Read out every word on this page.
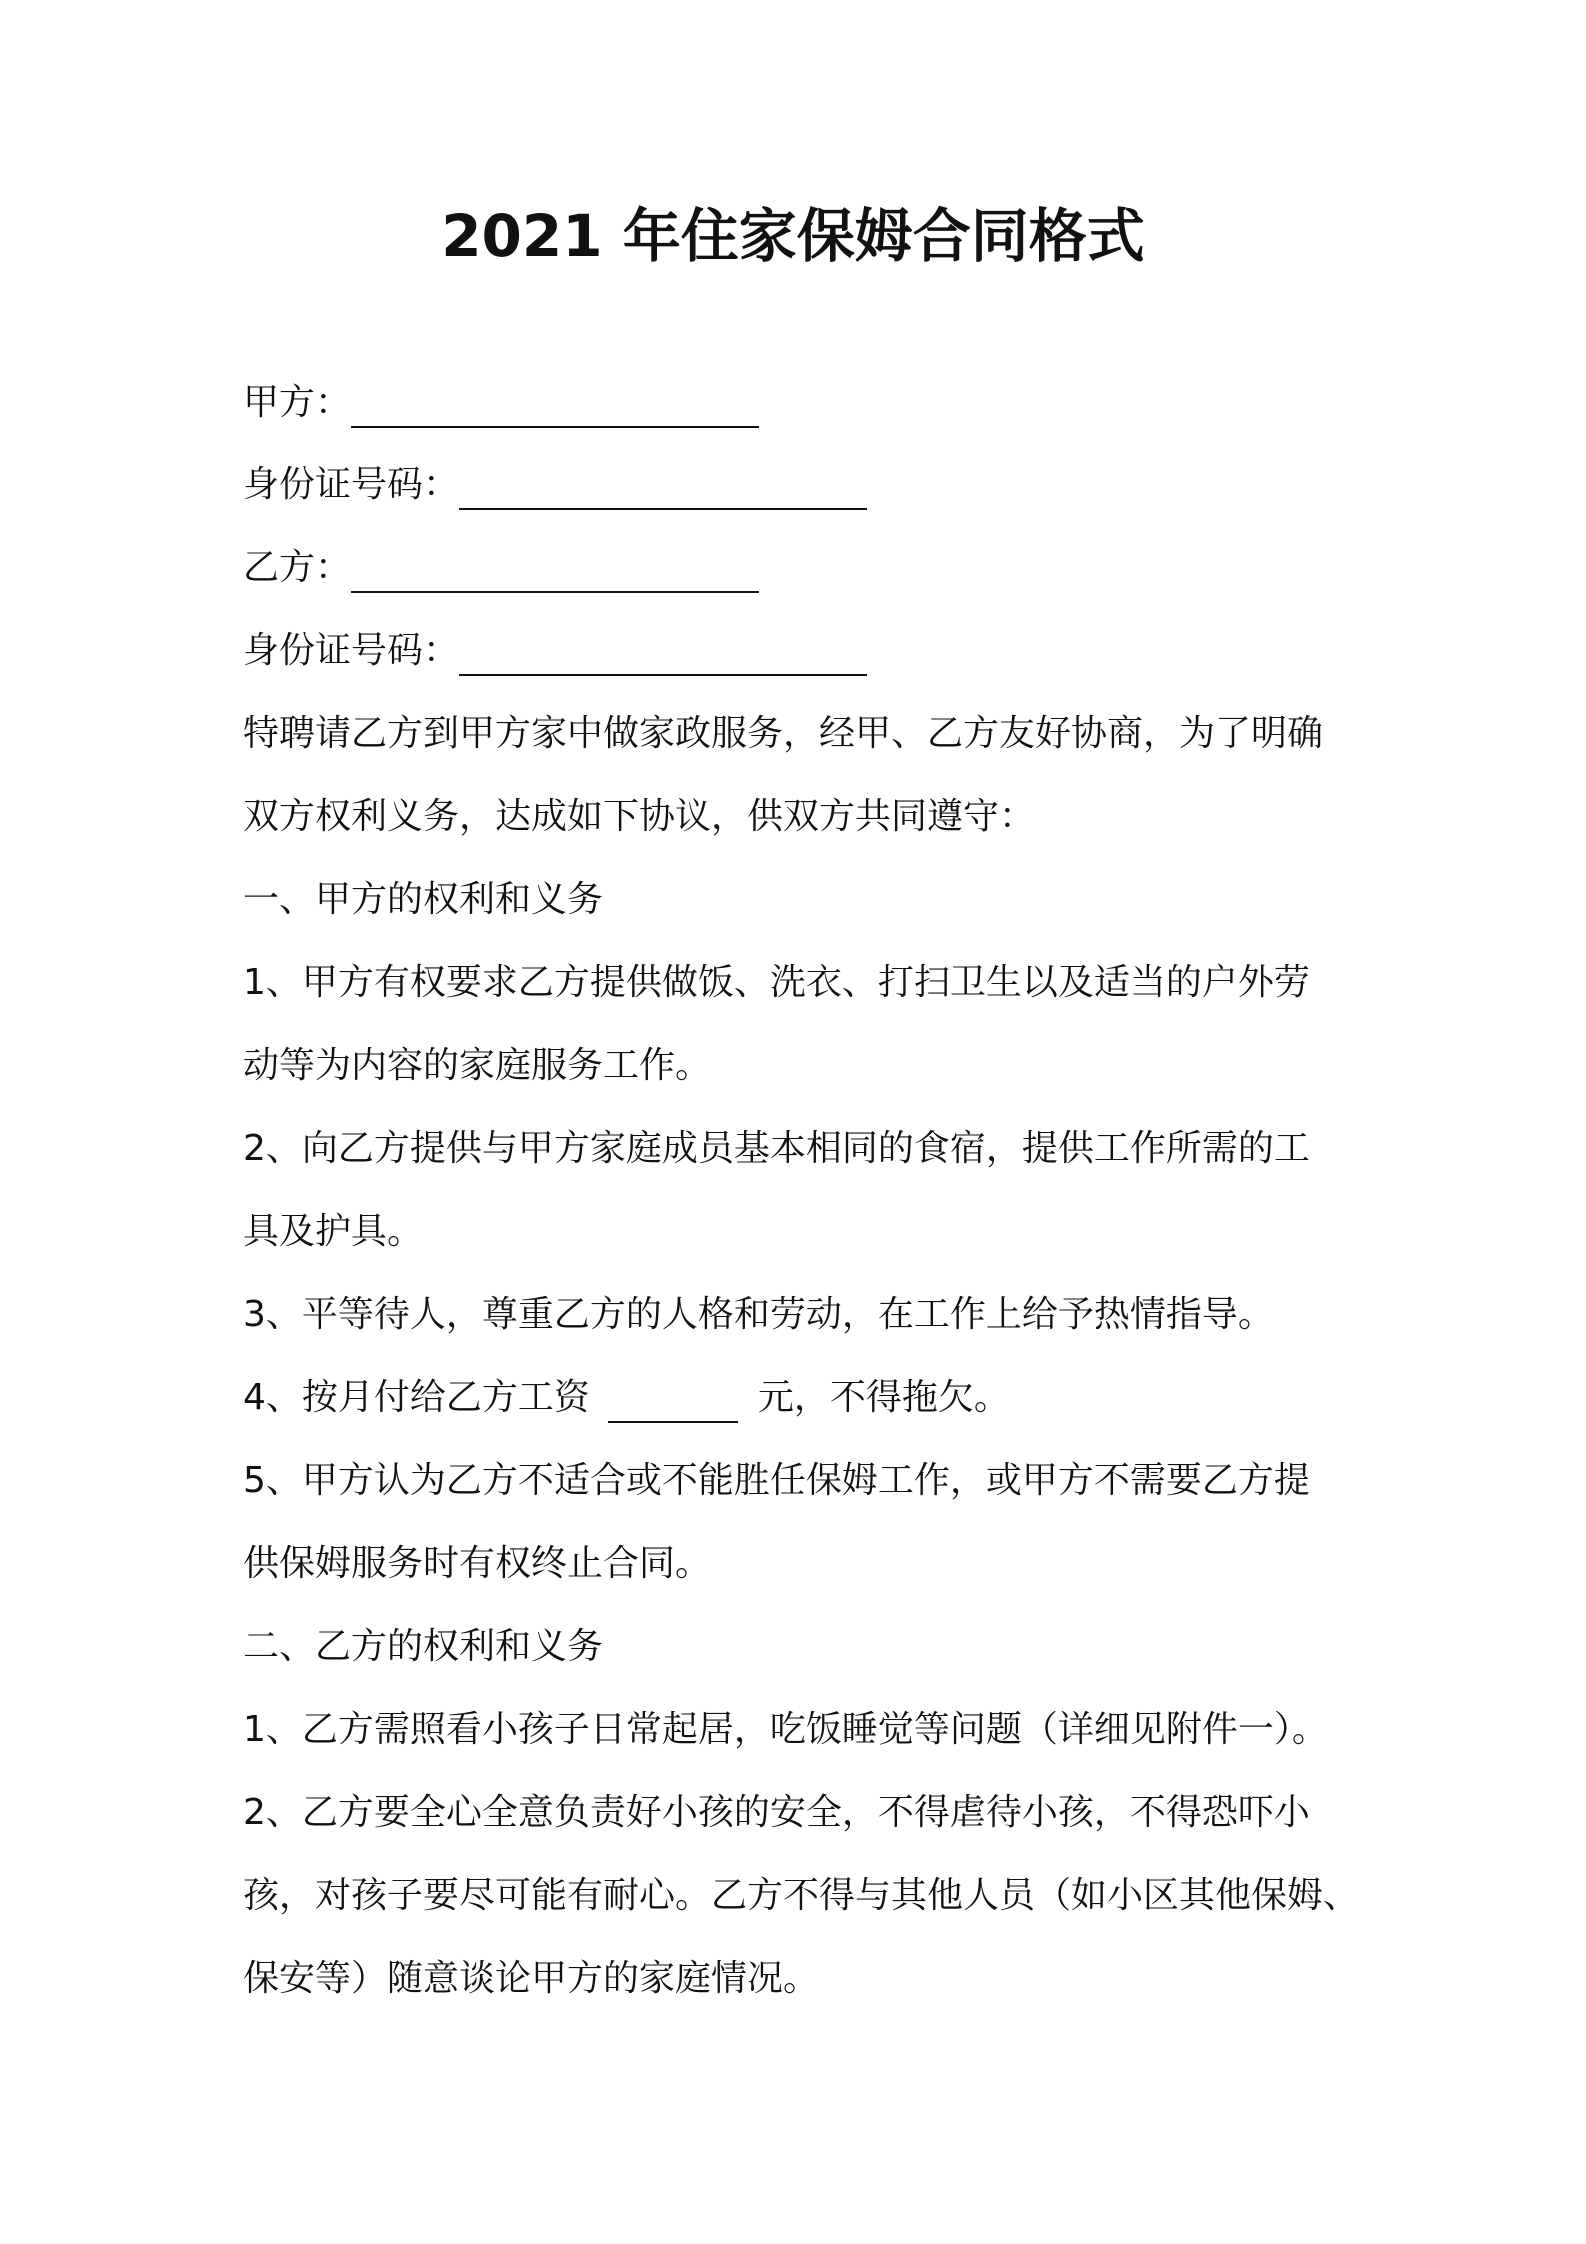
2021 年住家保姆合同格式
甲方：
身份证号码：
乙方：
身份证号码：
特聘请乙方到甲方家中做家政服务，经甲、乙方友好协商，为了明确
双方权利义务，达成如下协议，供双方共同遵守：
一、甲方的权利和义务
1、甲方有权要求乙方提供做饭、洗衣、打扫卫生以及适当的户外劳
动等为内容的家庭服务工作。
2、向乙方提供与甲方家庭成员基本相同的食宿，提供工作所需的工
具及护具。
3、平等待人，尊重乙方的人格和劳动，在工作上给予热情指导。
4、按月付给乙方工资	元，不得拖欠。
5、甲方认为乙方不适合或不能胜任保姆工作，或甲方不需要乙方提
供保姆服务时有权终止合同。
二、乙方的权利和义务
1、乙方需照看小孩子日常起居，吃饭睡觉等问题（详细见附件一）。
2、乙方要全心全意负责好小孩的安全，不得虐待小孩，不得恐吓小
孩，对孩子要尽可能有耐心。乙方不得与其他人员（如小区其他保姆、
保安等）随意谈论甲方的家庭情况。
